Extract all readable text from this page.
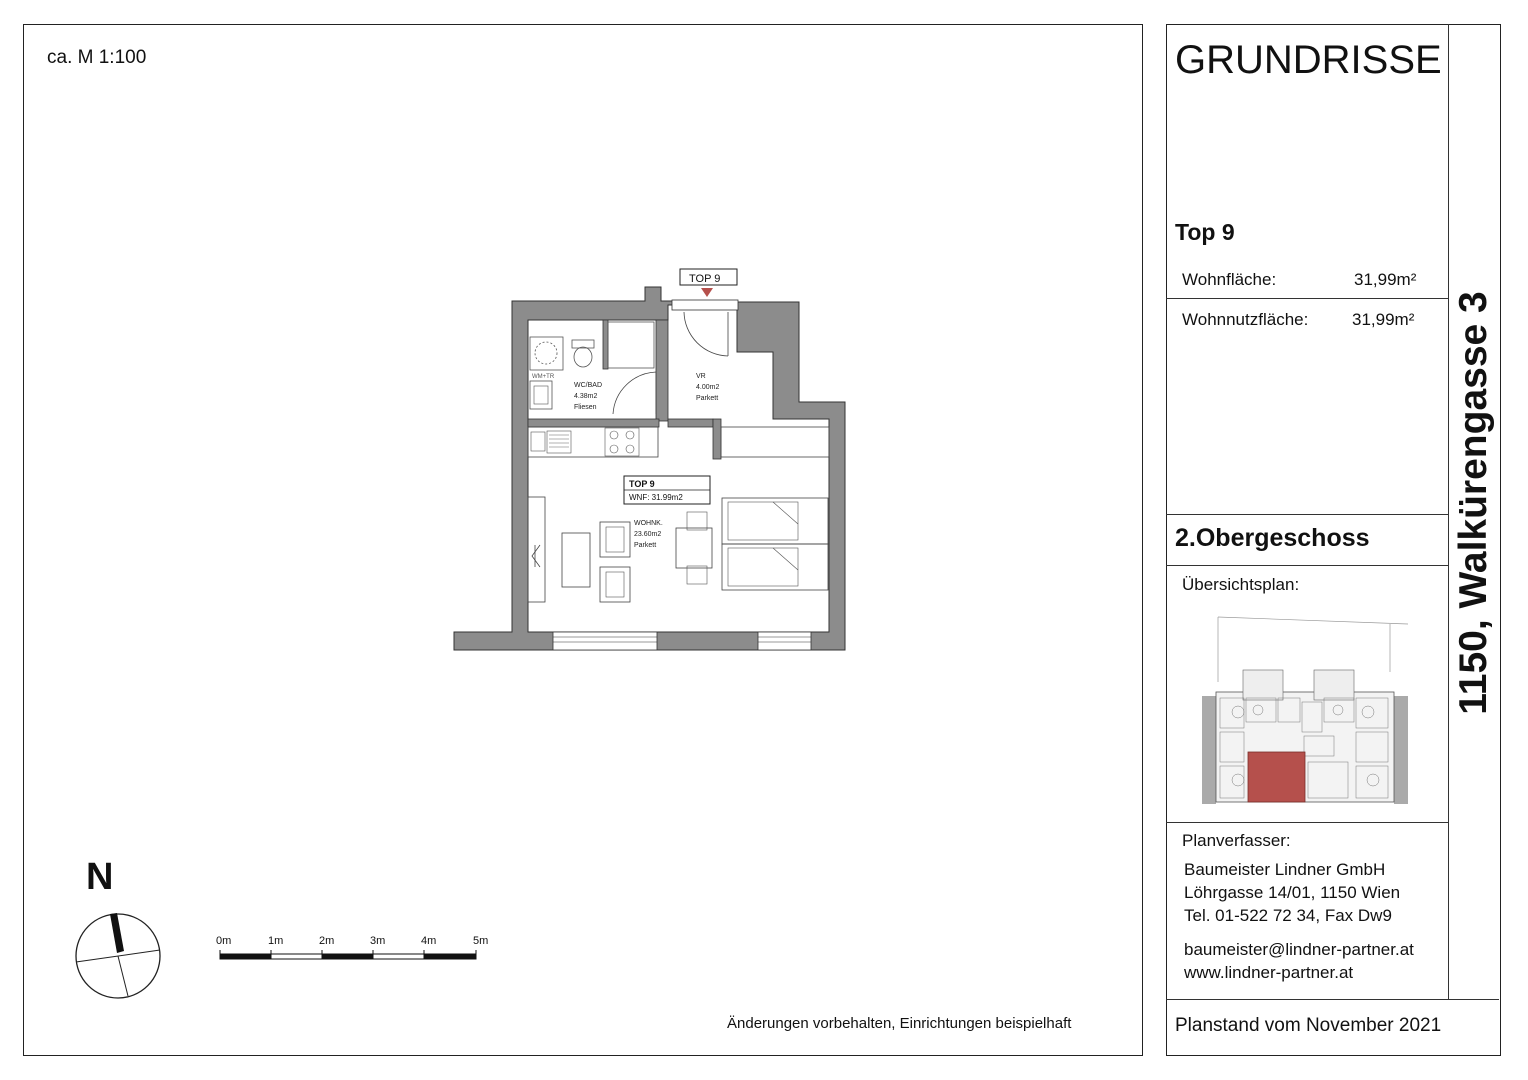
ca. M 1:100
WM+TR
WC/BAD
4.38m2
Fliesen
VR
4.00m2
Parkett
TOP 9
WNF: 31.99m2
WOHNK.
23.60m2
Parkett
TOP 9
N
0m	1m	2m	3m	4m	5m
Änderungen vorbehalten, Einrichtungen beispielhaft
GRUNDRISSE
Top 9
Wohnfläche:	31,99m²
Wohnnutzfläche:	31,99m²
2.Obergeschoss
Übersichtsplan:
Planverfasser:
Baumeister Lindner GmbH
Löhrgasse 14/01, 1150 Wien
Tel. 01-522 72 34, Fax Dw9
baumeister@lindner-partner.at
www.lindner-partner.at
Planstand vom November 2021
1150, Walkürengasse 3
